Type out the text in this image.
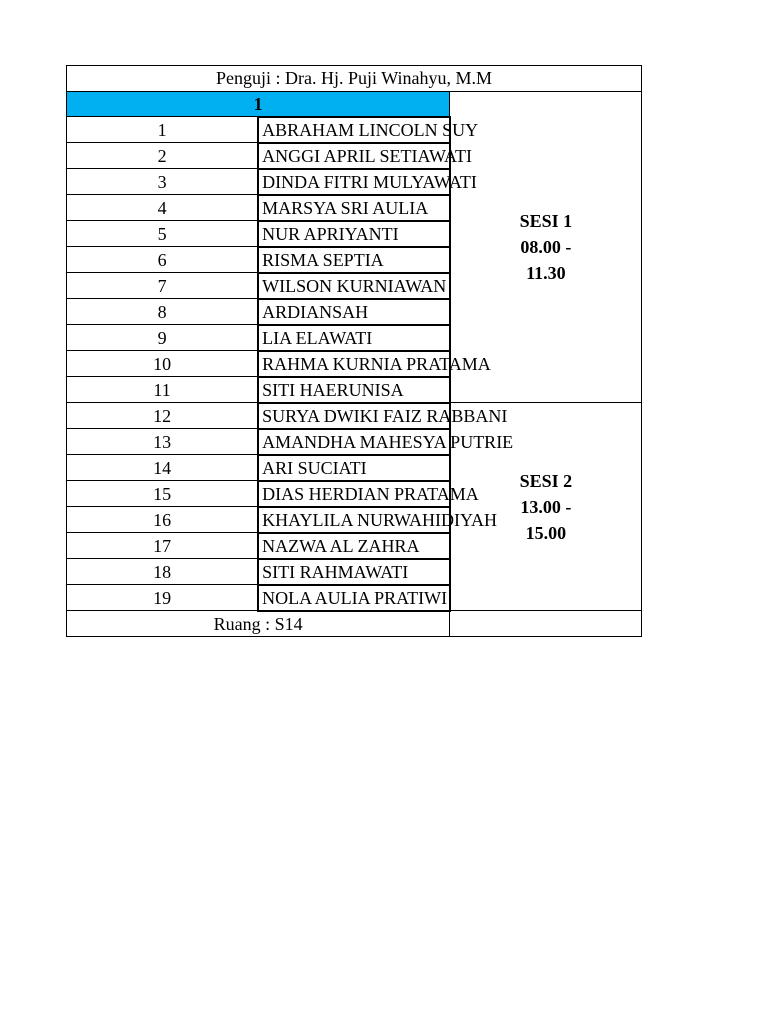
Penguji : Dra. Hj. Puji Winahyu, M.M		
1		SESI 1
08.00 -
11.30

1	ABRAHAM LINCOLN SUY	
2	ANGGI APRIL SETIAWATI	
3	DINDA FITRI MULYAWATI	
4	MARSYA SRI AULIA	
5	NUR APRIYANTI	
6	RISMA SEPTIA	
7	WILSON KURNIAWAN	
8	ARDIANSAH	
9	LIA ELAWATI	
10	RAHMA KURNIA PRATAMA	
11	SITI HAERUNISA	
12	SURYA DWIKI FAIZ RABBANI	SESI 2
13.00 -
15.00

13	AMANDHA MAHESYA PUTRIE	
14	ARI SUCIATI	
15	DIAS HERDIAN PRATAMA	
16	KHAYLILA NURWAHIDIYAH	
17	NAZWA AL ZAHRA	
18	SITI RAHMAWATI	
19	NOLA AULIA PRATIWI	
Ruang : S14		
